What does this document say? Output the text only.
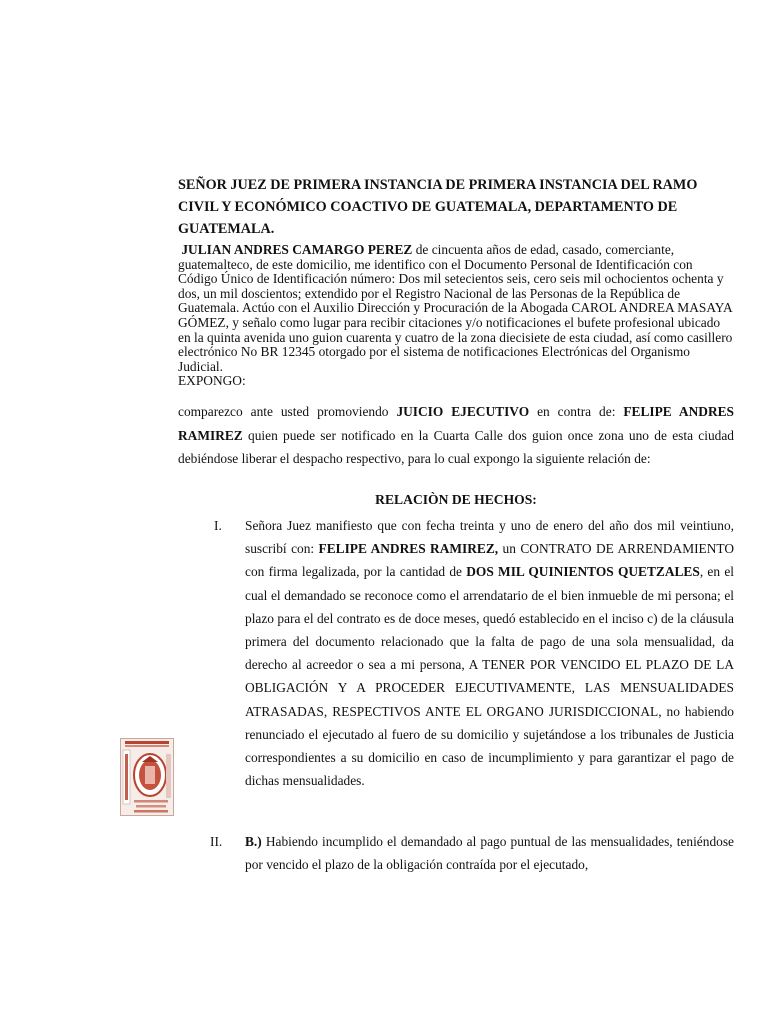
SEÑOR JUEZ DE PRIMERA INSTANCIA DE PRIMERA INSTANCIA DEL RAMO CIVIL Y ECONÓMICO COACTIVO DE GUATEMALA, DEPARTAMENTO DE GUATEMALA.
JULIAN ANDRES CAMARGO PEREZ de cincuenta años de edad, casado, comerciante, guatemalteco, de este domicilio, me identifico con el Documento Personal de Identificación con Código Único de Identificación número: Dos mil setecientos seis, cero seis mil ochocientos ochenta y dos, un mil doscientos; extendido por el Registro Nacional de las Personas de la República de Guatemala. Actúo con el Auxilio Dirección y Procuración de la Abogada CAROL ANDREA MASAYA GÓMEZ, y señalo como lugar para recibir citaciones y/o notificaciones el bufete profesional ubicado en la quinta avenida uno guion cuarenta y cuatro de la zona diecisiete de esta ciudad, así como casillero electrónico No BR 12345 otorgado por el sistema de notificaciones Electrónicas del Organismo Judicial.
EXPONGO:
comparezco ante usted promoviendo JUICIO EJECUTIVO en contra de: FELIPE ANDRES RAMIREZ quien puede ser notificado en la Cuarta Calle dos guion once zona uno de esta ciudad debiéndose liberar el despacho respectivo, para lo cual expongo la siguiente relación de:
RELACIÒN DE HECHOS:
I.	Señora Juez manifiesto que con fecha treinta y uno de enero del año dos mil veintiuno, suscribí con: FELIPE ANDRES RAMIREZ, un CONTRATO DE ARRENDAMIENTO con firma legalizada, por la cantidad de DOS MIL QUINIENTOS QUETZALES, en el cual el demandado se reconoce como el arrendatario de el bien inmueble de mi persona; el plazo para el del contrato es de doce meses, quedó establecido en el inciso c) de la cláusula primera del documento relacionado que la falta de pago de una sola mensualidad, da derecho al acreedor o sea a mi persona, A TENER POR VENCIDO EL PLAZO DE LA OBLIGACIÓN Y A PROCEDER EJECUTIVAMENTE, LAS MENSUALIDADES ATRASADAS, RESPECTIVOS ANTE EL ORGANO JURISDICCIONAL, no habiendo renunciado el ejecutado al fuero de su domicilio y sujetándose a los tribunales de Justicia correspondientes a su domicilio en caso de incumplimiento y para garantizar el pago de dichas mensualidades.
II.	B.) Habiendo incumplido el demandado al pago puntual de las mensualidades, teniéndose por vencido el plazo de la obligación contraída por el ejecutado,
